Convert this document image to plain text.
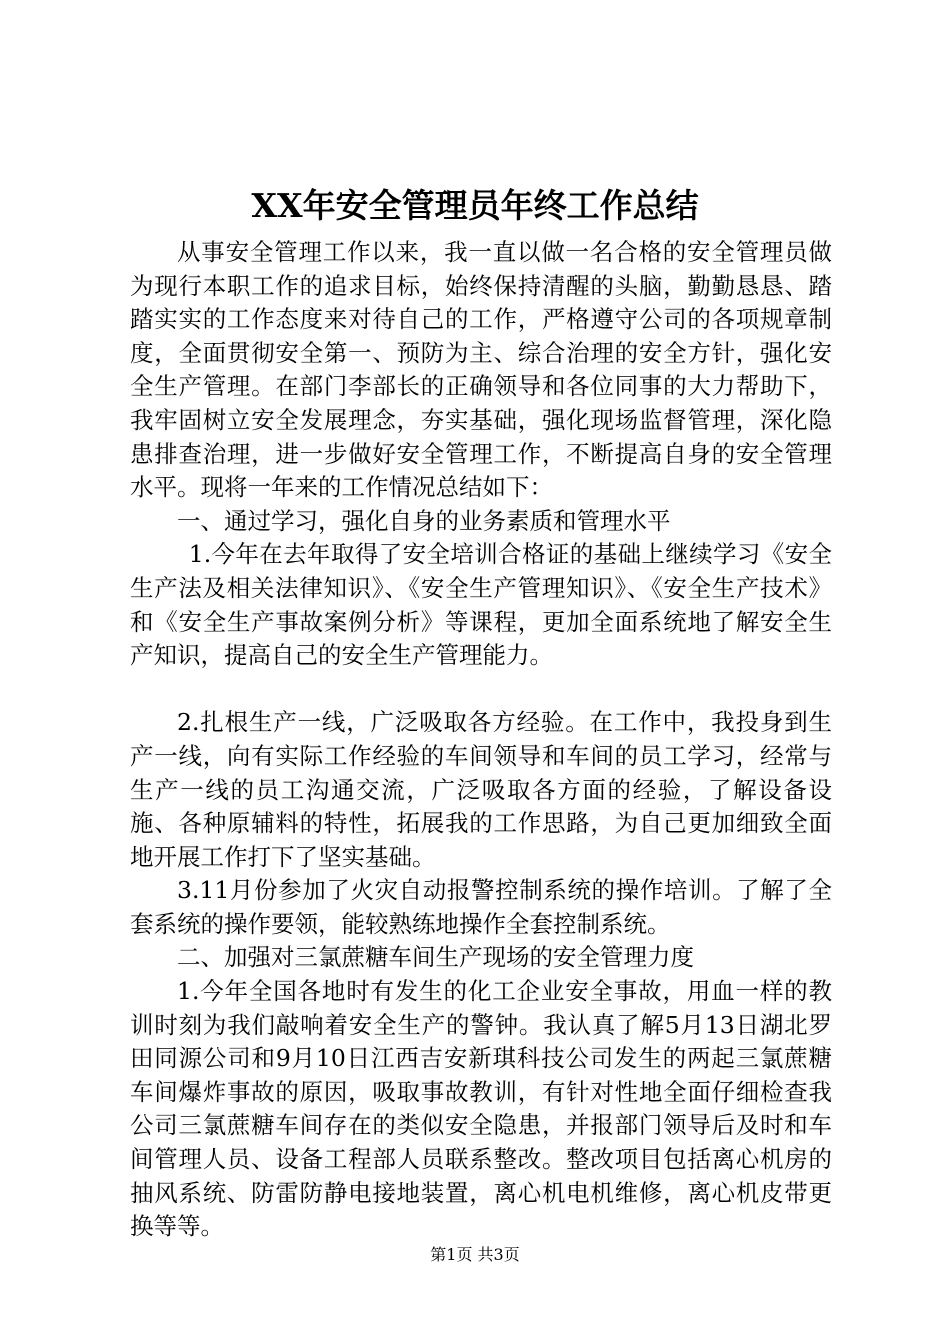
XX年安全管理员年终工作总结

从事安全管理工作以来，我一直以做一名合格的安全管理员做为现行本职工作的追求目标，始终保持清醒的头脑，勤勤恳恳、踏踏实实的工作态度来对待自己的工作，严格遵守公司的各项规章制度，全面贯彻安全第一、预防为主、综合治理的安全方针，强化安全生产管理。在部门李部长的正确领导和各位同事的大力帮助下，我牢固树立安全发展理念，夯实基础，强化现场监督管理，深化隐患排查治理，进一步做好安全管理工作，不断提高自身的安全管理水平。现将一年来的工作情况总结如下：

一、通过学习，强化自身的业务素质和管理水平

1.今年在去年取得了安全培训合格证的基础上继续学习《安全生产法及相关法律知识》、《安全生产管理知识》、《安全生产技术》和《安全生产事故案例分析》等课程，更加全面系统地了解安全生产知识，提高自己的安全生产管理能力。

2.扎根生产一线，广泛吸取各方经验。在工作中，我投身到生产一线，向有实际工作经验的车间领导和车间的员工学习，经常与生产一线的员工沟通交流，广泛吸取各方面的经验，了解设备设施、各种原辅料的特性，拓展我的工作思路，为自己更加细致全面地开展工作打下了坚实基础。

3.11月份参加了火灾自动报警控制系统的操作培训。了解了全套系统的操作要领，能较熟练地操作全套控制系统。

二、加强对三氯蔗糖车间生产现场的安全管理力度

1.今年全国各地时有发生的化工企业安全事故，用血一样的教训时刻为我们敲响着安全生产的警钟。我认真了解5月13日湖北罗田同源公司和9月10日江西吉安新琪科技公司发生的两起三氯蔗糖车间爆炸事故的原因，吸取事故教训，有针对性地全面仔细检查我公司三氯蔗糖车间存在的类似安全隐患，并报部门领导后及时和车间管理人员、设备工程部人员联系整改。整改项目包括离心机房的抽风系统、防雷防静电接地装置，离心机电机维修，离心机皮带更换等等。

第1页 共3页
